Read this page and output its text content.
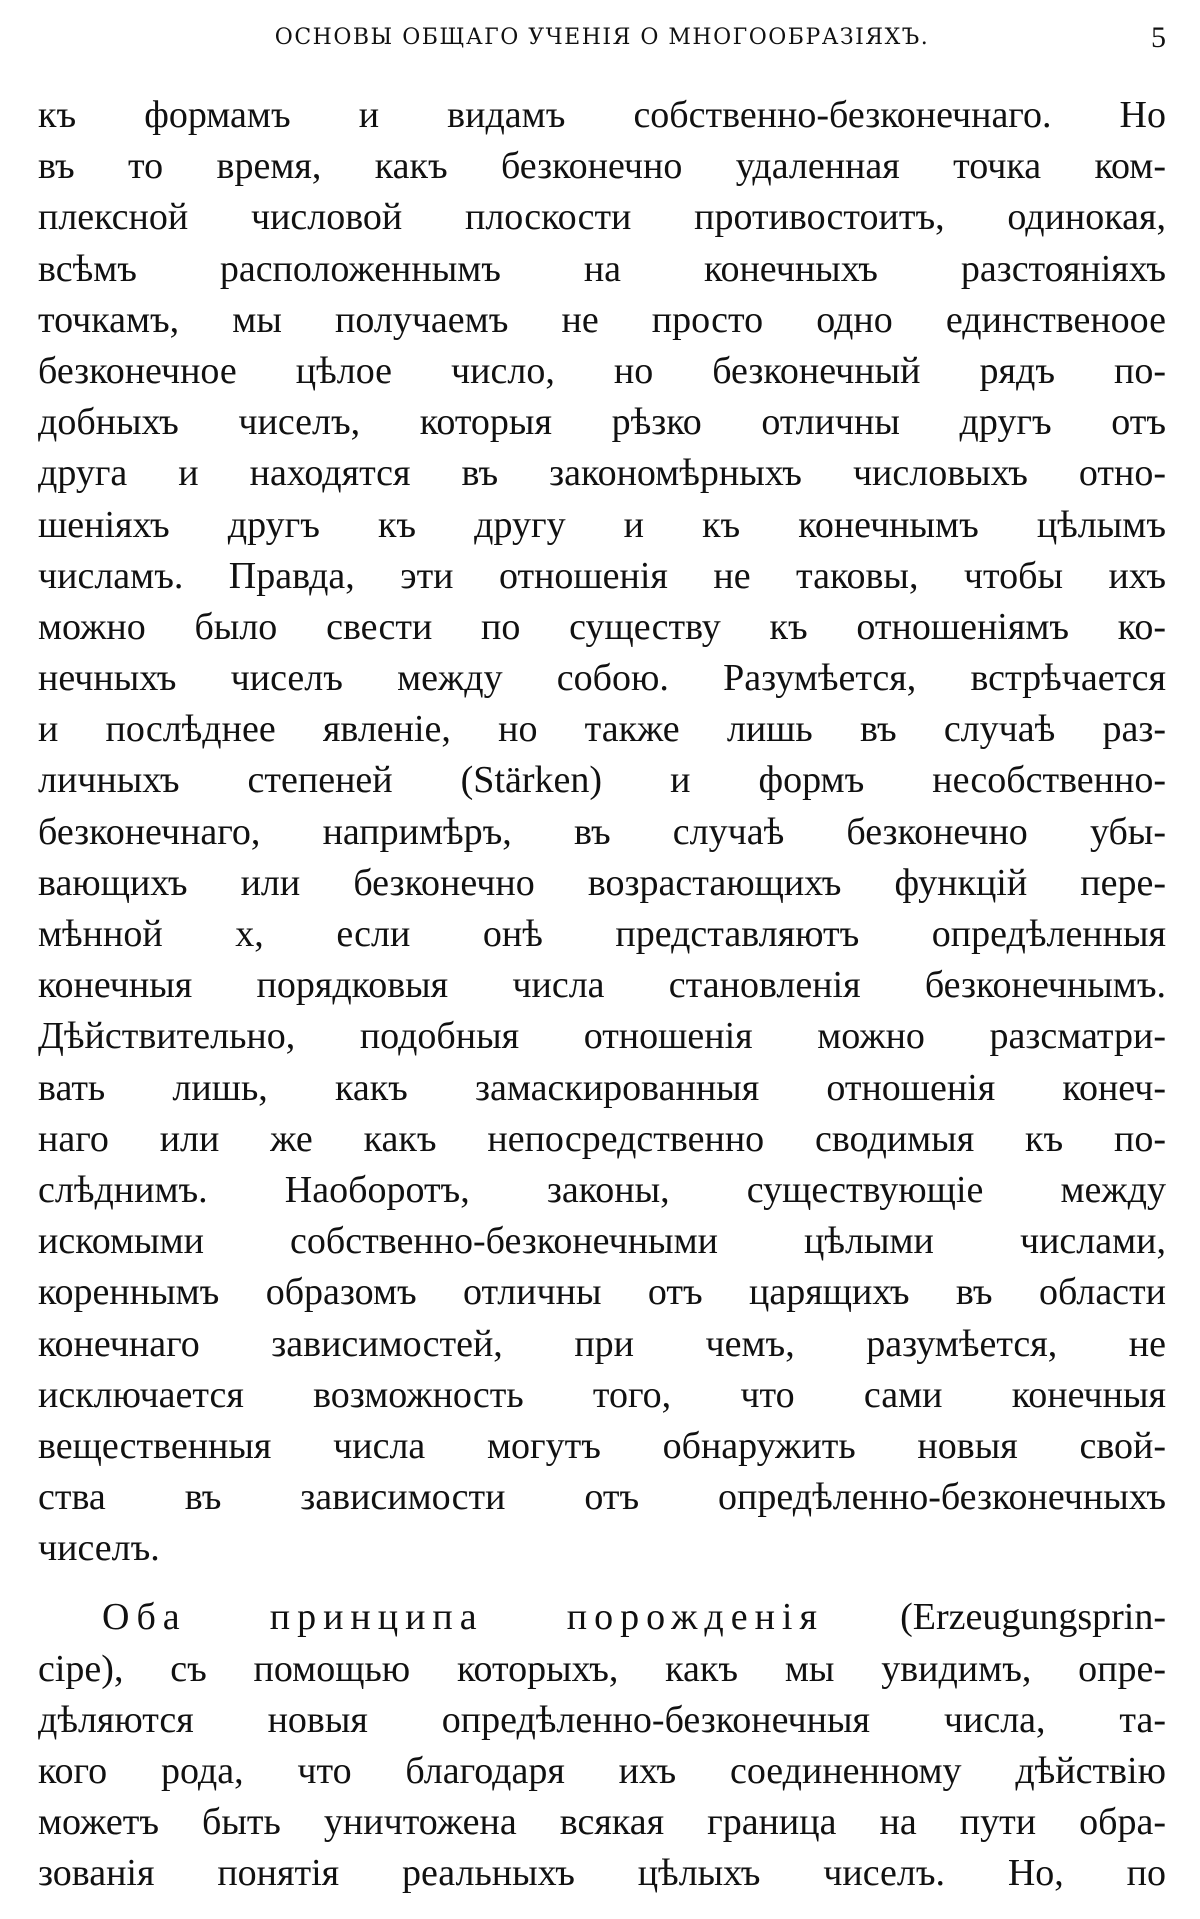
ОСНОВЫ ОБЩАГО УЧЕНIЯ О МНОГООБРАЗIЯХЪ.	5
къ формамъ и видамъ собственно-безконечнаго. Но
въ то время, какъ безконечно удаленная точка ком-
плексной числовой плоскости противостоитъ, одинокая,
всѣмъ расположеннымъ на конечныхъ разстоянiяхъ
точкамъ, мы получаемъ не просто одно единственоое
безконечное цѣлое число, но безконечный рядъ по-
добныхъ чиселъ, которыя рѣзко отличны другъ отъ
друга и находятся въ закономѣрныхъ числовыхъ отно-
шенiяхъ другъ къ другу и къ конечнымъ цѣлымъ
числамъ. Правда, эти отношенiя не таковы, чтобы ихъ
можно было свести по существу къ отношенiямъ ко-
нечныхъ чиселъ между собою. Разумѣется, встрѣчается
и послѣднее явленiе, но также лишь въ случаѣ раз-
личныхъ степеней (Stärken) и формъ несобственно-
безконечнаго, напримѣръ, въ случаѣ безконечно убы-
вающихъ или безконечно возрастающихъ функцiй пере-
мѣнной x, если онѣ представляютъ опредѣленныя
конечныя порядковыя числа становленiя безконечнымъ.
Дѣйствительно, подобныя отношенiя можно разсматри-
вать лишь, какъ замаскированныя отношенiя конеч-
наго или же какъ непосредственно сводимыя къ по-
слѣднимъ. Наоборотъ, законы, существующiе между
искомыми собственно-безконечными цѣлыми числами,
кореннымъ образомъ отличны отъ царящихъ въ области
конечнаго зависимостей, при чемъ, разумѣется, не
исключается возможность того, что сами конечныя
вещественныя числа могутъ обнаружить новыя свой-
ства въ зависимости отъ опредѣленно-безконечныхъ
чиселъ.
Оба принципа порожденiя (Erzeugungsprin-
cipe), съ помощью которыхъ, какъ мы увидимъ, опре-
дѣляются новыя опредѣленно-безконечныя числа, та-
кого рода, что благодаря ихъ соединенному дѣйствiю
можетъ быть уничтожена всякая граница на пути обра-
зованiя понятiя реальныхъ цѣлыхъ чиселъ. Но, по
